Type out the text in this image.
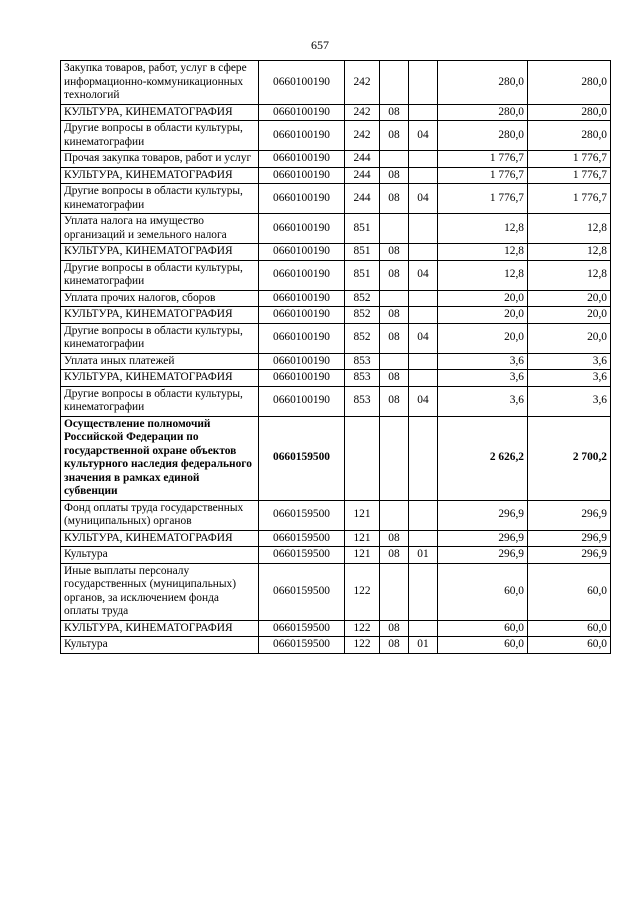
657
Закупка товаров, работ, услуг в сфере информационно-коммуникационных технологий	0660100190	242			280,0	280,0
КУЛЬТУРА, КИНЕМАТОГРАФИЯ	0660100190	242	08		280,0	280,0
Другие вопросы в области культуры, кинематографии	0660100190	242	08	04	280,0	280,0
Прочая закупка товаров, работ и услуг	0660100190	244			1 776,7	1 776,7
КУЛЬТУРА, КИНЕМАТОГРАФИЯ	0660100190	244	08		1 776,7	1 776,7
Другие вопросы в области культуры, кинематографии	0660100190	244	08	04	1 776,7	1 776,7
Уплата налога на имущество организаций и земельного налога	0660100190	851			12,8	12,8
КУЛЬТУРА, КИНЕМАТОГРАФИЯ	0660100190	851	08		12,8	12,8
Другие вопросы в области культуры, кинематографии	0660100190	851	08	04	12,8	12,8
Уплата прочих налогов, сборов	0660100190	852			20,0	20,0
КУЛЬТУРА, КИНЕМАТОГРАФИЯ	0660100190	852	08		20,0	20,0
Другие вопросы в области культуры, кинематографии	0660100190	852	08	04	20,0	20,0
Уплата иных платежей	0660100190	853			3,6	3,6
КУЛЬТУРА, КИНЕМАТОГРАФИЯ	0660100190	853	08		3,6	3,6
Другие вопросы в области культуры, кинематографии	0660100190	853	08	04	3,6	3,6
Осуществление полномочий Российской Федерации по государственной охране объектов культурного наследия федерального значения в рамках единой субвенции	0660159500				2 626,2	2 700,2
Фонд оплаты труда государственных (муниципальных) органов	0660159500	121			296,9	296,9
КУЛЬТУРА, КИНЕМАТОГРАФИЯ	0660159500	121	08		296,9	296,9
Культура	0660159500	121	08	01	296,9	296,9
Иные выплаты персоналу государственных (муниципальных) органов, за исключением фонда оплаты труда	0660159500	122			60,0	60,0
КУЛЬТУРА, КИНЕМАТОГРАФИЯ	0660159500	122	08		60,0	60,0
Культура	0660159500	122	08	01	60,0	60,0
